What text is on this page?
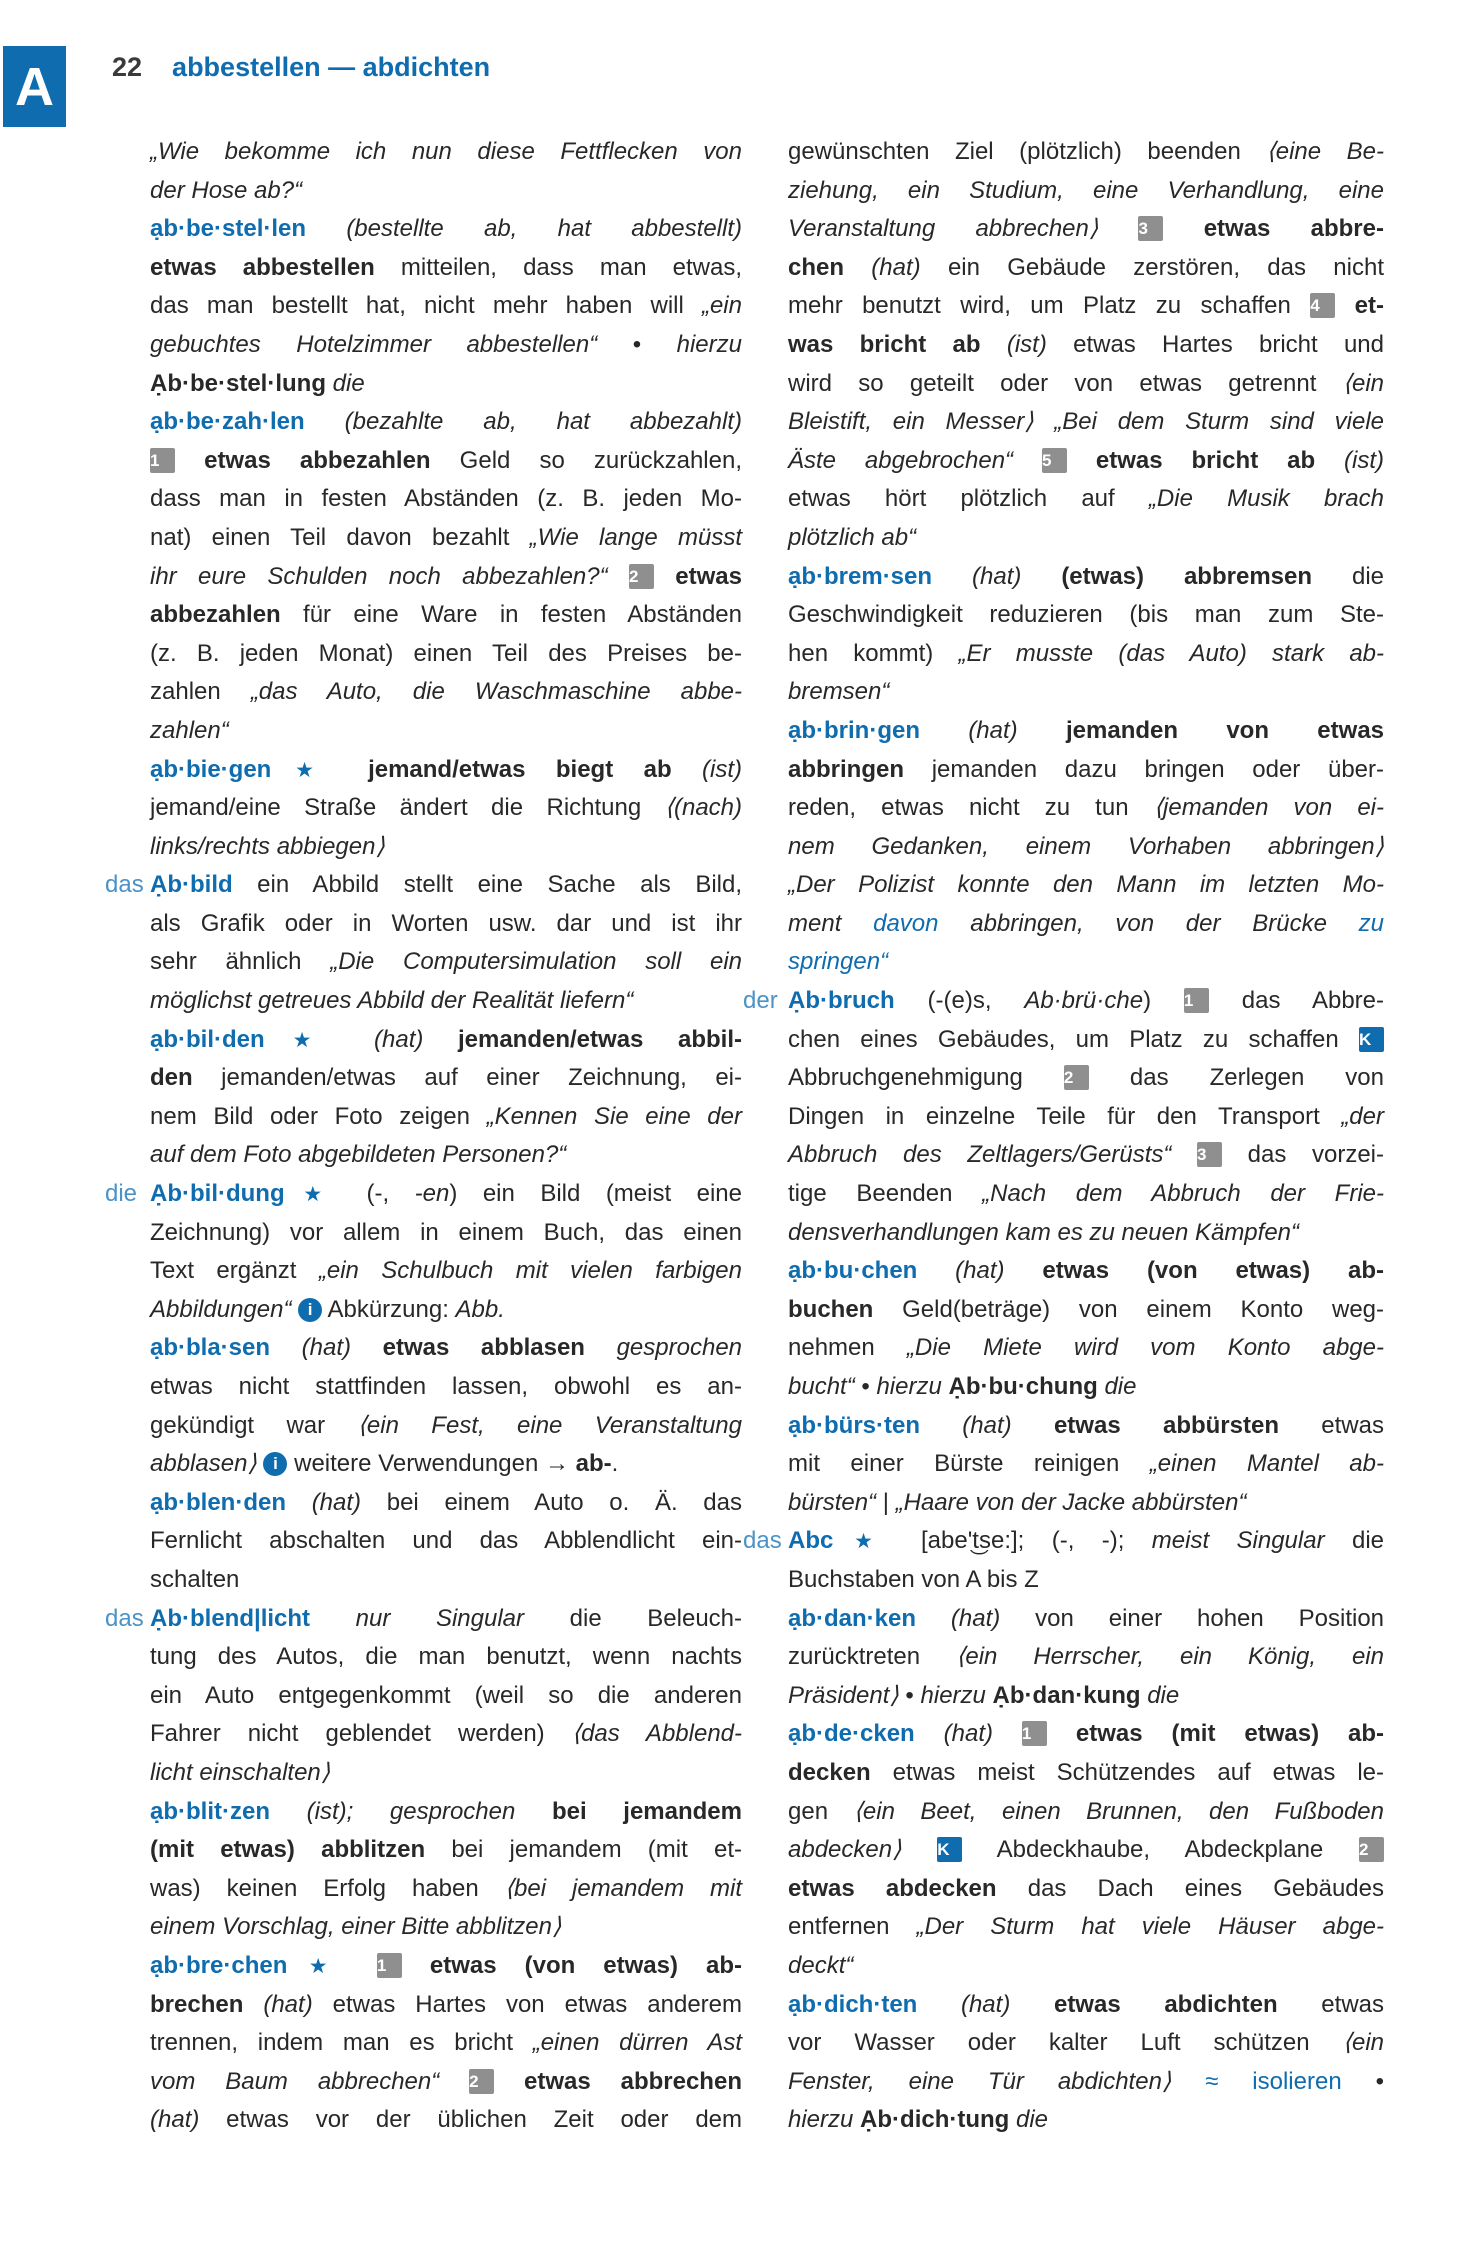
A	22 abbestellen — abdichten
„Wie bekomme ich nun diese Fettflecken von
der Hose ab?“
ạb·be·stel·len (bestellte ab, hat abbestellt)
etwas abbestellen mitteilen, dass man etwas,
das man bestellt hat, nicht mehr haben will „ein
gebuchtes Hotelzimmer abbestellen“ • hierzu
Ạb·be·stel·lung die
ạb·be·zah·len (bezahlte ab, hat abbezahlt)
1 etwas abbezahlen Geld so zurückzahlen,
dass man in festen Abständen (z. B. jeden Mo-
nat) einen Teil davon bezahlt „Wie lange müsst
ihr eure Schulden noch abbezahlen?“ 2 etwas
abbezahlen für eine Ware in festen Abständen
(z. B. jeden Monat) einen Teil des Preises be-
zahlen „das Auto, die Waschmaschine abbe-
zahlen“
ạb·bie·gen★ jemand/etwas biegt ab (ist)
jemand/eine Straße ändert die Richtung ⟨(nach)
links/rechts abbiegen⟩
das Ạb·bild ein Abbild stellt eine Sache als Bild,
als Grafik oder in Worten usw. dar und ist ihr
sehr ähnlich „Die Computersimulation soll ein
möglichst getreues Abbild der Realität liefern“
ạb·bil·den★ (hat) jemanden/etwas abbil-
den jemanden/etwas auf einer Zeichnung, ei-
nem Bild oder Foto zeigen „Kennen Sie eine der
auf dem Foto abgebildeten Personen?“
die Ạb·bil·dung★ (-, -en) ein Bild (meist eine
Zeichnung) vor allem in einem Buch, das einen
Text ergänzt „ein Schulbuch mit vielen farbigen
Abbildungen“ i Abkürzung: Abb.
ạb·bla·sen (hat) etwas abblasen gesprochen
etwas nicht stattfinden lassen, obwohl es an-
gekündigt war ⟨ein Fest, eine Veranstaltung
abblasen⟩ i weitere Verwendungen → ab-.
ạb·blen·den (hat) bei einem Auto o. Ä. das
Fernlicht abschalten und das Abblendlicht ein-
schalten
das Ạb·blend|licht nur Singular die Beleuch-
tung des Autos, die man benutzt, wenn nachts
ein Auto entgegenkommt (weil so die anderen
Fahrer nicht geblendet werden) ⟨das Abblend-
licht einschalten⟩
ạb·blit·zen (ist); gesprochen bei jemandem
(mit etwas) abblitzen bei jemandem (mit et-
was) keinen Erfolg haben ⟨bei jemandem mit
einem Vorschlag, einer Bitte abblitzen⟩
ạb·bre·chen★ 1 etwas (von etwas) ab-
brechen (hat) etwas Hartes von etwas anderem
trennen, indem man es bricht „einen dürren Ast
vom Baum abbrechen“ 2 etwas abbrechen
(hat) etwas vor der üblichen Zeit oder dem
gewünschten Ziel (plötzlich) beenden ⟨eine Be-
ziehung, ein Studium, eine Verhandlung, eine
Veranstaltung abbrechen⟩ 3 etwas abbre-
chen (hat) ein Gebäude zerstören, das nicht
mehr benutzt wird, um Platz zu schaffen 4 et-
was bricht ab (ist) etwas Hartes bricht und
wird so geteilt oder von etwas getrennt ⟨ein
Bleistift, ein Messer⟩ „Bei dem Sturm sind viele
Äste abgebrochen“ 5 etwas bricht ab (ist)
etwas hört plötzlich auf „Die Musik brach
plötzlich ab“
ạb·brem·sen (hat) (etwas) abbremsen die
Geschwindigkeit reduzieren (bis man zum Ste-
hen kommt) „Er musste (das Auto) stark ab-
bremsen“
ạb·brin·gen (hat) jemanden von etwas
abbringen jemanden dazu bringen oder über-
reden, etwas nicht zu tun ⟨jemanden von ei-
nem Gedanken, einem Vorhaben abbringen⟩
„Der Polizist konnte den Mann im letzten Mo-
ment davon abbringen, von der Brücke zu
springen“
der Ạb·bruch (-(e)s, Ab·brü·che) 1 das Abbre-
chen eines Gebäudes, um Platz zu schaffen K
Abbruchgenehmigung 2 das Zerlegen von
Dingen in einzelne Teile für den Transport „der
Abbruch des Zeltlagers/Gerüsts“ 3 das vorzei-
tige Beenden „Nach dem Abbruch der Frie-
densverhandlungen kam es zu neuen Kämpfen“
ạb·bu·chen (hat) etwas (von etwas) ab-
buchen Geld(beträge) von einem Konto weg-
nehmen „Die Miete wird vom Konto abge-
bucht“ • hierzu Ạb·bu·chung die
ạb·bürs·ten (hat) etwas abbürsten etwas
mit einer Bürste reinigen „einen Mantel ab-
bürsten“ | „Haare von der Jacke abbürsten“
das Abc★ [abe't͜se:]; (-, -); meist Singular die
Buchstaben von A bis Z
ạb·dan·ken (hat) von einer hohen Position
zurücktreten ⟨ein Herrscher, ein König, ein
Präsident⟩ • hierzu Ạb·dan·kung die
ạb·de·cken (hat) 1 etwas (mit etwas) ab-
decken etwas meist Schützendes auf etwas le-
gen ⟨ein Beet, einen Brunnen, den Fußboden
abdecken⟩ K Abdeckhaube, Abdeckplane 2
etwas abdecken das Dach eines Gebäudes
entfernen „Der Sturm hat viele Häuser abge-
deckt“
ạb·dich·ten (hat) etwas abdichten etwas
vor Wasser oder kalter Luft schützen ⟨ein
Fenster, eine Tür abdichten⟩ ≈ isolieren •
hierzu Ạb·dich·tung die
